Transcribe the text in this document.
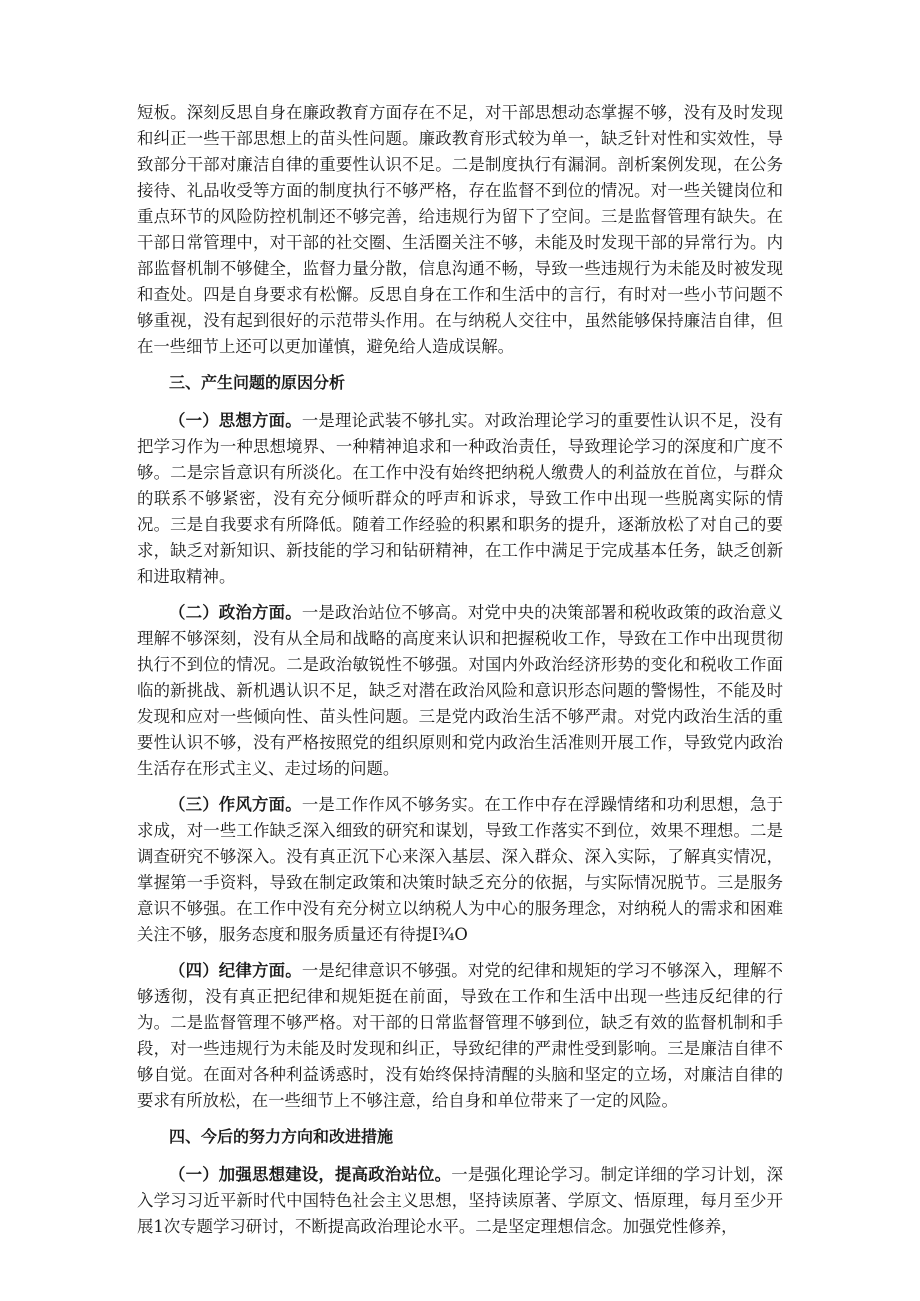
短板。深刻反思自身在廉政教育方面存在不足，对干部思想动态掌握不够，没有及时发现和纠正一些干部思想上的苗头性问题。廉政教育形式较为单一，缺乏针对性和实效性，导致部分干部对廉洁自律的重要性认识不足。二是制度执行有漏洞。剖析案例发现，在公务接待、礼品收受等方面的制度执行不够严格，存在监督不到位的情况。对一些关键岗位和重点环节的风险防控机制还不够完善，给违规行为留下了空间。三是监督管理有缺失。在干部日常管理中，对干部的社交圈、生活圈关注不够，未能及时发现干部的异常行为。内部监督机制不够健全，监督力量分散，信息沟通不畅，导致一些违规行为未能及时被发现和查处。四是自身要求有松懈。反思自身在工作和生活中的言行，有时对一些小节问题不够重视，没有起到很好的示范带头作用。在与纳税人交往中，虽然能够保持廉洁自律，但在一些细节上还可以更加谨慎，避免给人造成误解。

三、产生问题的原因分析

（一）思想方面。一是理论武装不够扎实。对政治理论学习的重要性认识不足，没有把学习作为一种思想境界、一种精神追求和一种政治责任，导致理论学习的深度和广度不够。二是宗旨意识有所淡化。在工作中没有始终把纳税人缴费人的利益放在首位，与群众的联系不够紧密，没有充分倾听群众的呼声和诉求，导致工作中出现一些脱离实际的情况。三是自我要求有所降低。随着工作经验的积累和职务的提升，逐渐放松了对自己的要求，缺乏对新知识、新技能的学习和钻研精神，在工作中满足于完成基本任务，缺乏创新和进取精神。

（二）政治方面。一是政治站位不够高。对党中央的决策部署和税收政策的政治意义理解不够深刻，没有从全局和战略的高度来认识和把握税收工作，导致在工作中出现贯彻执行不到位的情况。二是政治敏锐性不够强。对国内外政治经济形势的变化和税收工作面临的新挑战、新机遇认识不足，缺乏对潜在政治风险和意识形态问题的警惕性，不能及时发现和应对一些倾向性、苗头性问题。三是党内政治生活不够严肃。对党内政治生活的重要性认识不够，没有严格按照党的组织原则和党内政治生活准则开展工作，导致党内政治生活存在形式主义、走过场的问题。

（三）作风方面。一是工作作风不够务实。在工作中存在浮躁情绪和功利思想，急于求成，对一些工作缺乏深入细致的研究和谋划，导致工作落实不到位，效果不理想。二是调查研究不够深入。没有真正沉下心来深入基层、深入群众、深入实际，了解真实情况，掌握第一手资料，导致在制定政策和决策时缺乏充分的依据，与实际情况脱节。三是服务意识不够强。在工作中没有充分树立以纳税人为中心的服务理念，对纳税人的需求和困难关注不够，服务态度和服务质量还有待提I¾O

（四）纪律方面。一是纪律意识不够强。对党的纪律和规矩的学习不够深入，理解不够透彻，没有真正把纪律和规矩挺在前面，导致在工作和生活中出现一些违反纪律的行为。二是监督管理不够严格。对干部的日常监督管理不够到位，缺乏有效的监督机制和手段，对一些违规行为未能及时发现和纠正，导致纪律的严肃性受到影响。三是廉洁自律不够自觉。在面对各种利益诱惑时，没有始终保持清醒的头脑和坚定的立场，对廉洁自律的要求有所放松，在一些细节上不够注意，给自身和单位带来了一定的风险。

四、今后的努力方向和改进措施

（一）加强思想建设，提高政治站位。一是强化理论学习。制定详细的学习计划，深入学习习近平新时代中国特色社会主义思想，坚持读原著、学原文、悟原理，每月至少开展1次专题学习研讨，不断提高政治理论水平。二是坚定理想信念。加强党性修养，
